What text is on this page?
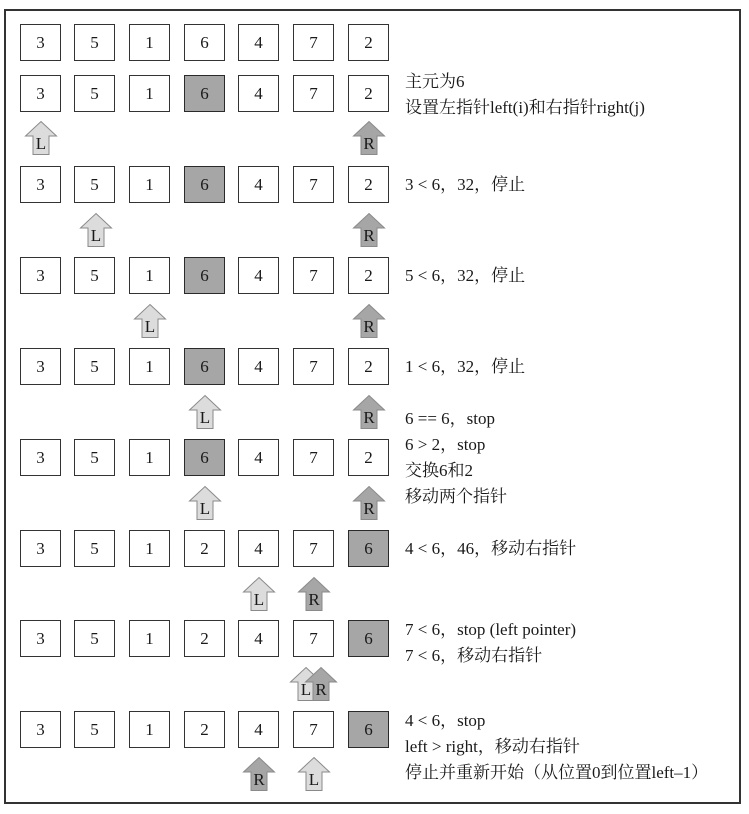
3	5	1	6	4	7	2
3	5	1	6	4	7	2
主元为6
设置左指针left(i)和右指针right(j)
L	R
3	5	1	6	4	7	2	3 < 6，32，停止
L	R
3	5	1	6	4	7	2	5 < 6，32，停止
L	R
3	5	1	6	4	7	2	1 < 6，32，停止
L	R	6 == 6，stop
6 > 2，stop
交换6和2
移动两个指针
3	5	1	6	4	7	2
L	R
3	5	1	2	4	7	6	4 < 6，46，移动右指针
L	R
3	5	1	2	4	7	6	7 < 6，stop (left pointer)
7 < 6，移动右指针
L R
3	5	1	2	4	7	6	4 < 6，stop
left > right，移动右指针
停止并重新开始（从位置0到位置left–1）
R	L
